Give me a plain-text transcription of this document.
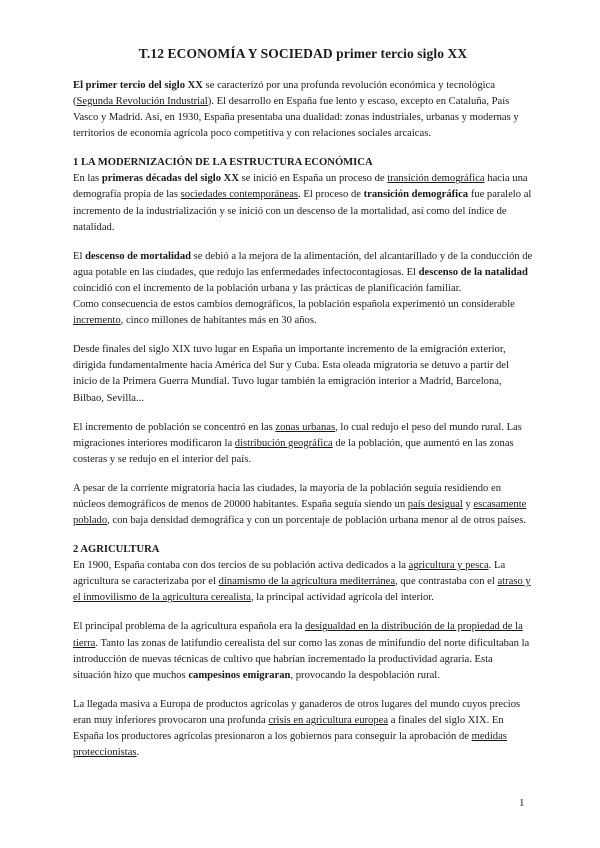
T.12 ECONOMÍA Y SOCIEDAD primer tercio siglo XX

El primer tercio del siglo XX se caracterizó por una profunda revolución económica y tecnológica (Segunda Revolución Industrial). El desarrollo en España fue lento y escaso, excepto en Cataluña, País Vasco y Madrid. Así, en 1930, España presentaba una dualidad: zonas industriales, urbanas y modernas y territorios de economía agrícola poco competitiva y con relaciones sociales arcaicas.

1 LA MODERNIZACIÓN DE LA ESTRUCTURA ECONÓMICA

En las primeras décadas del siglo XX se inició en España un proceso de transición demográfica hacia una demografía propia de las sociedades contemporáneas. El proceso de transición demográfica fue paralelo al incremento de la industrialización y se inició con un descenso de la mortalidad, así como del índice de natalidad.

El descenso de mortalidad se debió a la mejora de la alimentación, del alcantarillado y de la conducción de agua potable en las ciudades, que redujo las enfermedades infectocontagiosas. El descenso de la natalidad coincidió con el incremento de la población urbana y las prácticas de planificación familiar.

Como consecuencia de estos cambios demográficos, la población española experimentó un considerable incremento, cinco millones de habitantes más en 30 años.

Desde finales del siglo XIX tuvo lugar en España un importante incremento de la emigración exterior, dirigida fundamentalmente hacia América del Sur y Cuba. Esta oleada migratoria se detuvo a partir del inicio de la Primera Guerra Mundial. Tuvo lugar también la emigración interior a Madrid, Barcelona, Bilbao, Sevilla...

El incremento de población se concentró en las zonas urbanas, lo cual redujo el peso del mundo rural. Las migraciones interiores modificaron la distribución geográfica de la población, que aumentó en las zonas costeras y se redujo en el interior del país.

A pesar de la corriente migratoria hacia las ciudades, la mayoría de la población seguía residiendo en núcleos demográficos de menos de 20000 habitantes. España seguía siendo un país desigual y escasamente poblado, con baja densidad demográfica y con un porcentaje de población urbana menor al de otros países.

2 AGRICULTURA

En 1900, España contaba con dos tercios de su población activa dedicados a la agricultura y pesca. La agricultura se caracterizaba por el dinamismo de la agricultura mediterránea, que contrastaba con el atraso y el inmovilismo de la agricultura cerealista, la principal actividad agrícola del interior.

El principal problema de la agricultura española era la desigualdad en la distribución de la propiedad de la tierra. Tanto las zonas de latifundio cerealista del sur como las zonas de minifundio del norte dificultaban la introducción de nuevas técnicas de cultivo que habrían incrementado la productividad agraria. Esta situación hizo que muchos campesinos emigraran, provocando la despoblación rural.

La llegada masiva a Europa de productos agrícolas y ganaderos de otros lugares del mundo cuyos precios eran muy inferiores provocaron una profunda crisis en agricultura europea a finales del siglo XIX. En España los productores agrícolas presionaron a los gobiernos para conseguir la aprobación de medidas proteccionistas.

1
